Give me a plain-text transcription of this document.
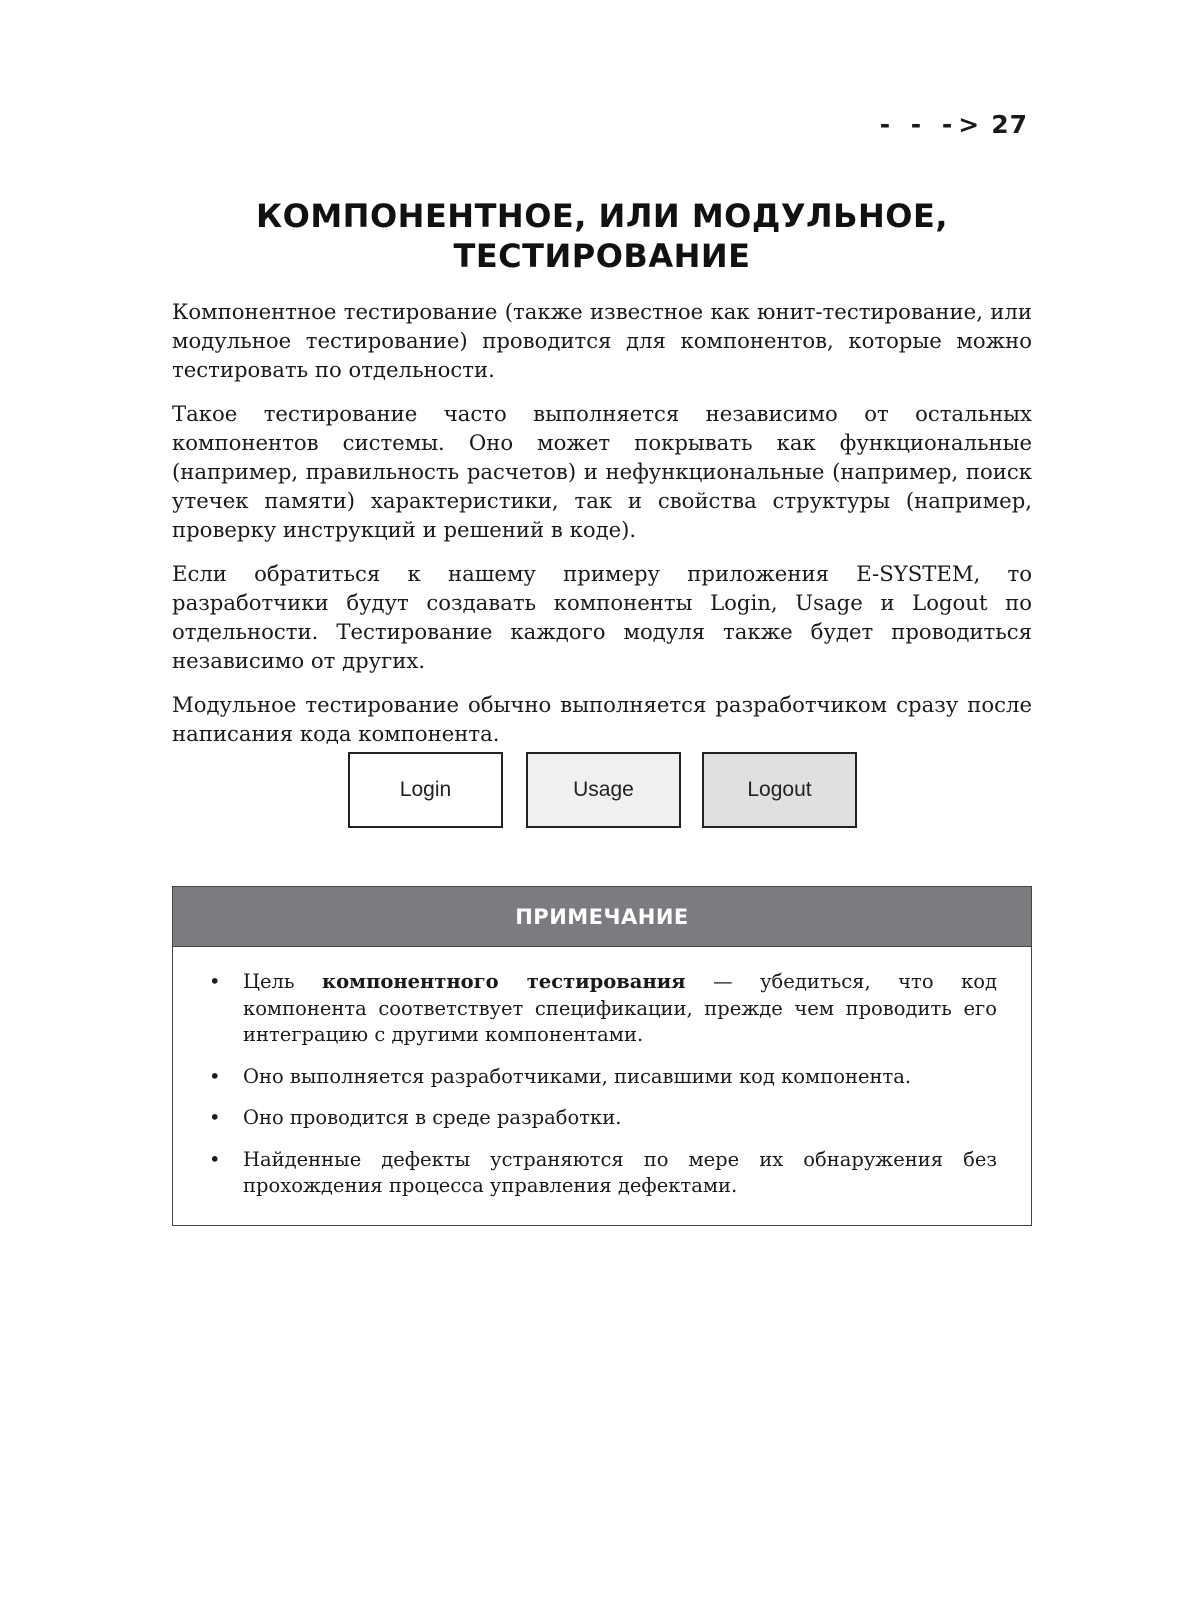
- - -> 27
КОМПОНЕНТНОЕ, ИЛИ МОДУЛЬНОЕ,
ТЕСТИРОВАНИЕ

Компонентное тестирование (также известное как юнит-тестирование, или модульное тестирование) проводится для компонентов, которые можно тестировать по отдельности.

Такое тестирование часто выполняется независимо от остальных компонентов системы. Оно может покрывать как функциональные (например, правильность расчетов) и нефункциональные (например, поиск утечек памяти) характеристики, так и свойства структуры (например, проверку инструкций и решений в коде).

Если обратиться к нашему примеру приложения E-SYSTEM, то разработчики будут создавать компоненты Login, Usage и Logout по отдельности. Тестирование каждого модуля также будет проводиться независимо от других.

Модульное тестирование обычно выполняется разработчиком сразу после написания кода компонента.

Login	Usage	Logout
ПРИМЕЧАНИЕ
• Цель компонентного тестирования — убедиться, что код компонента соответствует спецификации, прежде чем проводить его интеграцию с другими компонентами.
• Оно выполняется разработчиками, писавшими код компонента.
• Оно проводится в среде разработки.
• Найденные дефекты устраняются по мере их обнаружения без прохождения процесса управления дефектами.
